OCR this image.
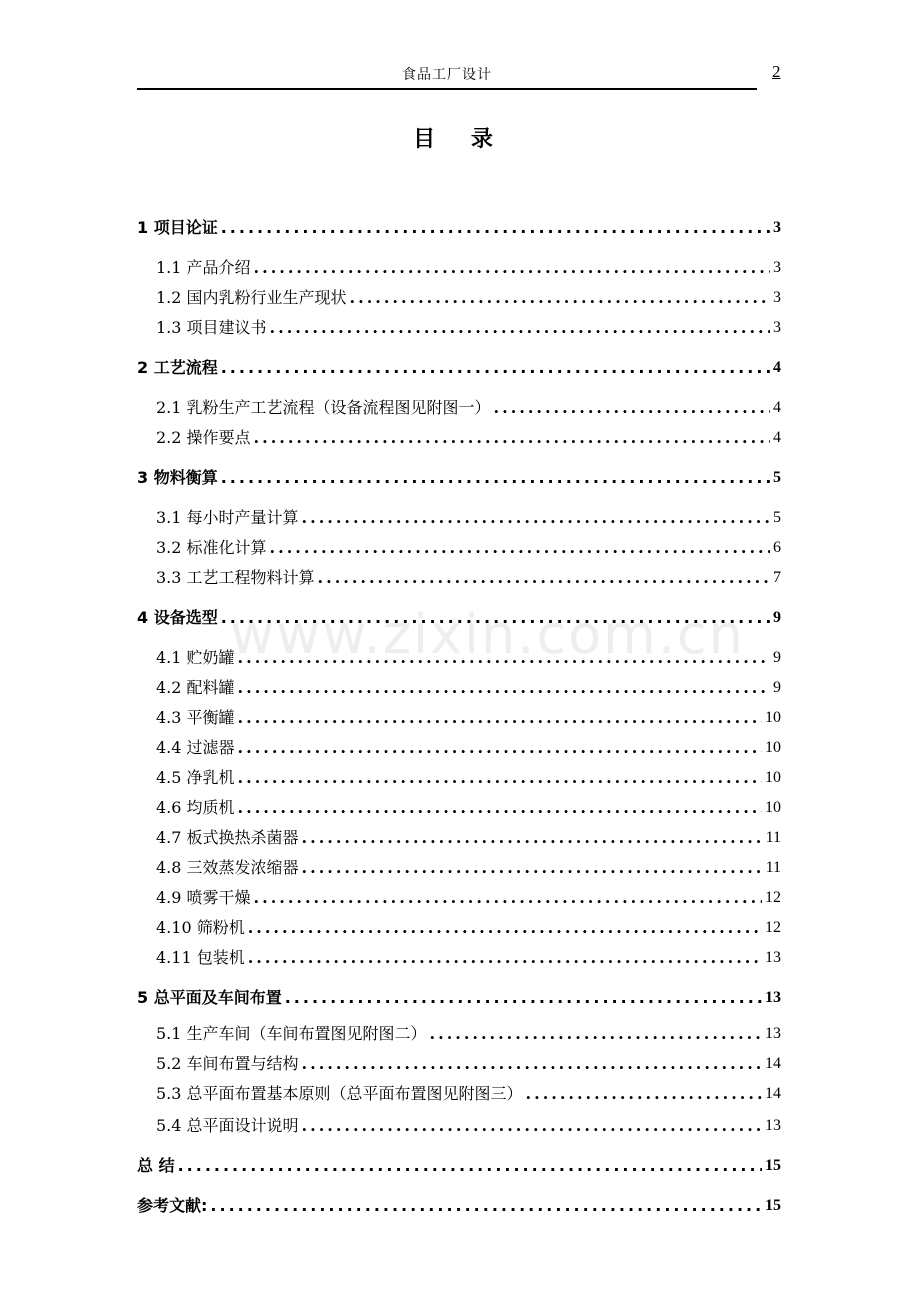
食品工厂设计	2
目 录
www.zixin.com.cn
1 项目论证 .....	3
1.1 产品介绍 .....	3
1.2 国内乳粉行业生产现状 .....	3
1.3 项目建议书 .....	3
2 工艺流程 .....	4
2.1 乳粉生产工艺流程（设备流程图见附图一） .....	4
2.2 操作要点 .....	4
3 物料衡算 .....	5
3.1 每小时产量计算 .....	5
3.2 标准化计算 .....	6
3.3 工艺工程物料计算 .....	7
4 设备选型 .....	9
4.1 贮奶罐 .....	9
4.2 配料罐 .....	9
4.3 平衡罐 .....	10
4.4 过滤器 .....	10
4.5 净乳机 .....	10
4.6 均质机 .....	10
4.7 板式换热杀菌器 .....	11
4.8 三效蒸发浓缩器 .....	11
4.9 喷雾干燥 .....	12
4.10 筛粉机 .....	12
4.11 包装机 .....	13
5 总平面及车间布置 .....	13
5.1 生产车间（车间布置图见附图二） .....	13
5.2 车间布置与结构 .....	14
5.3 总平面布置基本原则（总平面布置图见附图三） .....	14
5.4 总平面设计说明 .....	13
总 结 .....	15
参考文献: .....	15
